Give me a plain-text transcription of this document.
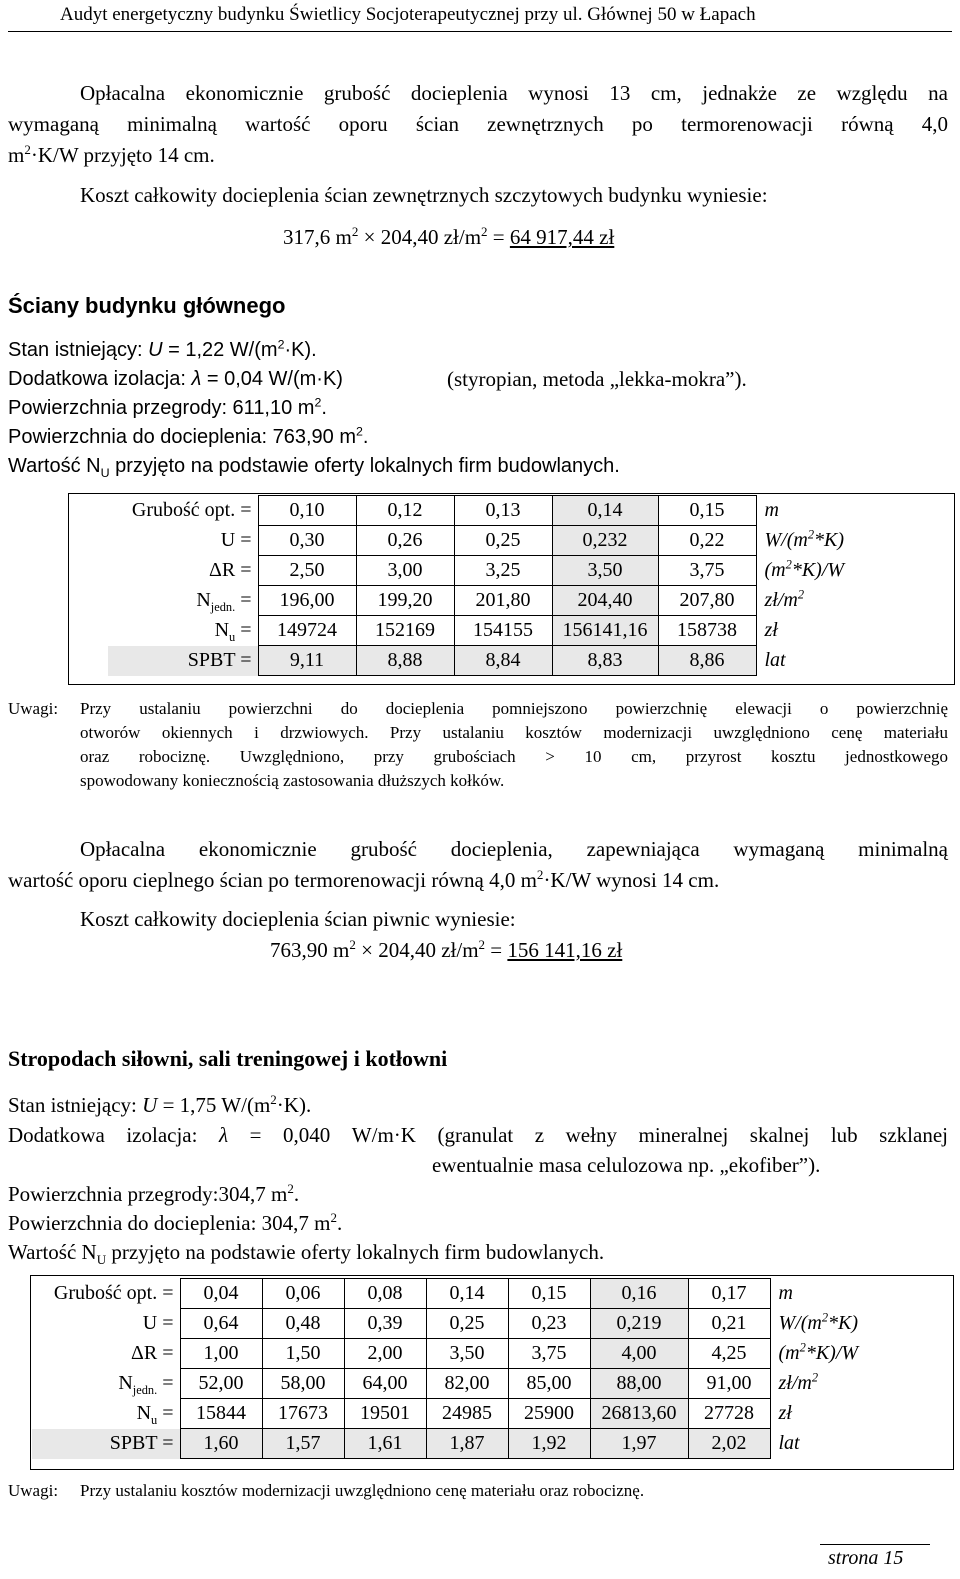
Audyt energetyczny budynku Świetlicy Socjoterapeutycznej przy ul. Głównej 50 w Łapach
Opłacalna ekonomicznie grubość docieplenia wynosi 13 cm, jednakże ze względu na
wymaganą minimalną wartość oporu ścian zewnętrznych po termorenowacji równą 4,0
$m^2\cdot K/W$ przyjęto 14 cm.
Koszt całkowity docieplenia ścian zewnętrznych szczytowych budynku wyniesie:
317,6 $m^2 \times 204,40$ $zł/m^2 = 64$ 917,44 zł
Ściany budynku głównego
Stan istniejący: U = 1,22 $W/(m^2\cdot K)$.
Dodatkowa izolacja: λ = 0,04 W/(m·K)	(styropian, metoda „lekka-mokra”).
Powierzchnia przegrody: 611,10 $m^2$.
Powierzchnia do docieplenia: 763,90 $m^2$.
Wartość $N_U$ przyjęto na podstawie oferty lokalnych firm budowlanych.
Grubość opt. =	0,10	0,12	0,13	0,14	0,15	m
U =	0,30	0,26	0,25	0,232	0,22	$W/(m^2*K)$
ΔR =	2,50	3,00	3,25	3,50	3,75	$(m^2*K)/W$
$N_{jedn.}$ =	196,00	199,20	201,80	204,40	207,80	$zł/m^2$
$N_u$ =	149724	152169	154155	156141,16	158738	zł
SPBT =	9,11	8,88	8,84	8,83	8,86	lat
Uwagi: Przy ustalaniu powierzchni do docieplenia pomniejszono powierzchnię elewacji o powierzchnię
otworów okiennych i drzwiowych. Przy ustalaniu kosztów modernizacji uwzględniono cenę materiału
oraz robociznę. Uwzględniono, przy grubościach > 10 cm, przyrost kosztu jednostkowego
spowodowany koniecznością zastosowania dłuższych kołków.
Opłacalna ekonomicznie grubość docieplenia, zapewniająca wymaganą minimalną
wartość oporu cieplnego ścian po termorenowacji równą 4,0 $m^2\cdot K/W$ wynosi 14 cm.
Koszt całkowity docieplenia ścian piwnic wyniesie:
763,90 $m^2 \times 204,40$ $zł/m^2 = 156$ 141,16 zł
Stropodach siłowni, sali treningowej i kotłowni
Stan istniejący: U = 1,75 $W/(m^2\cdot K)$.
Dodatkowa izolacja: λ = 0,040 W/m·K (granulat z wełny mineralnej skalnej lub szklanej
ewentualnie masa celulozowa np. „ekofiber”).
Powierzchnia przegrody:304,7 $m^2$.
Powierzchnia do docieplenia: 304,7 $m^2$.
Wartość $N_U$ przyjęto na podstawie oferty lokalnych firm budowlanych.
Grubość opt. =	0,04	0,06	0,08	0,14	0,15	0,16	0,17	m
U =	0,64	0,48	0,39	0,25	0,23	0,219	0,21	$W/(m^2*K)$
ΔR =	1,00	1,50	2,00	3,50	3,75	4,00	4,25	$(m^2*K)/W$
$N_{jedn.}$ =	52,00	58,00	64,00	82,00	85,00	88,00	91,00	$zł/m^2$
$N_u$ =	15844	17673	19501	24985	25900	26813,60	27728	zł
SPBT =	1,60	1,57	1,61	1,87	1,92	1,97	2,02	lat
Uwagi: Przy ustalaniu kosztów modernizacji uwzględniono cenę materiału oraz robociznę.
strona 15
